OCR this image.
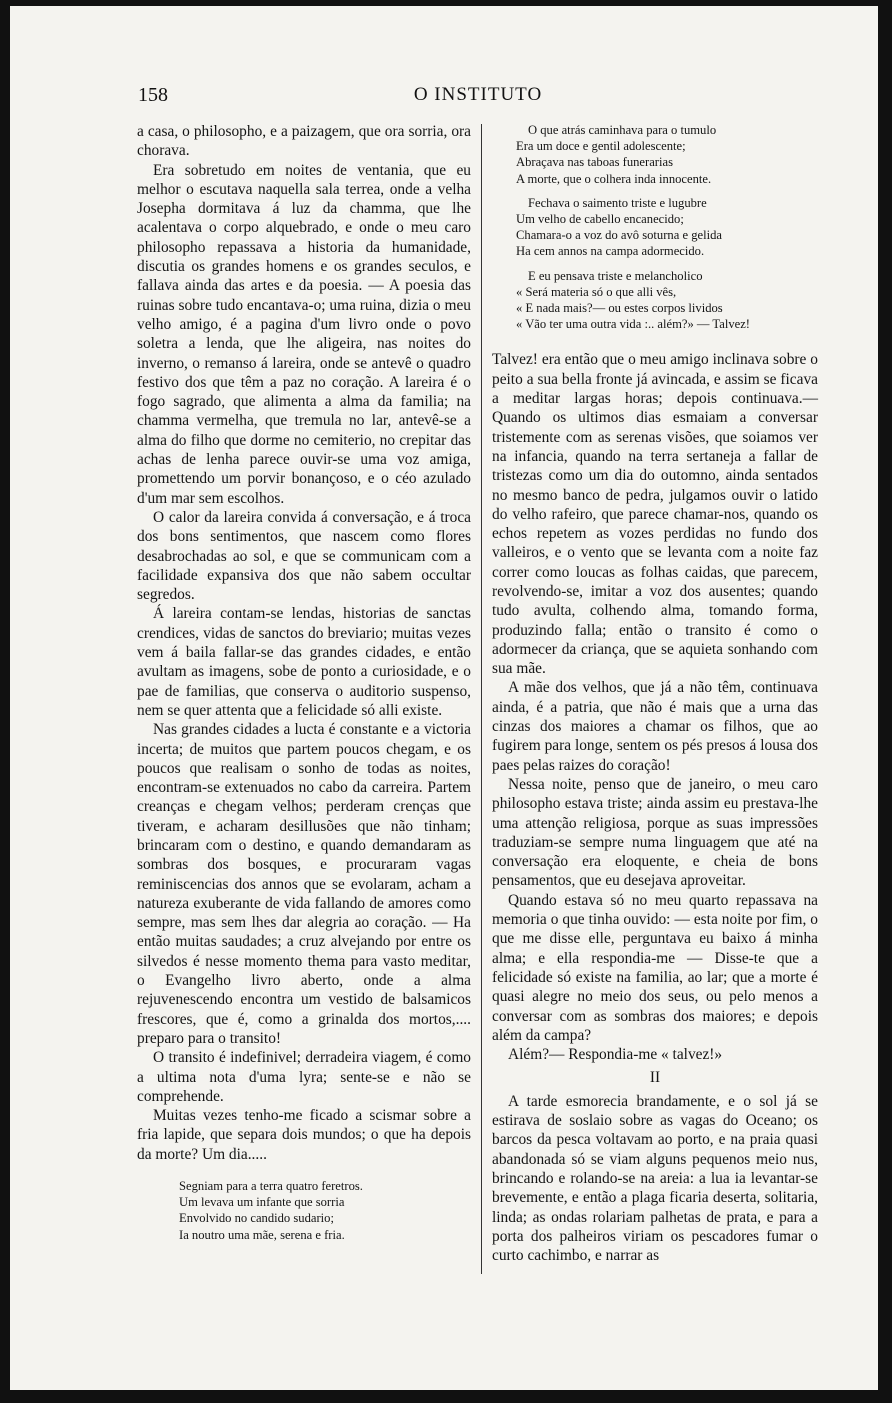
158	O INSTITUTO

a casa, o philosopho, e a paizagem, que ora sorria, ora chorava.

Era sobretudo em noites de ventania, que eu melhor o escutava naquella sala terrea, onde a velha Josepha dormitava á luz da chamma, que lhe acalentava o corpo alquebrado, e onde o meu caro philosopho repassava a historia da humanidade, discutia os grandes homens e os grandes seculos, e fallava ainda das artes e da poesia. — A poesia das ruinas sobre tudo encantava-o; uma ruina, dizia o meu velho amigo, é a pagina d'um livro onde o povo soletra a lenda, que lhe aligeira, nas noites do inverno, o remanso á lareira, onde se antevê o quadro festivo dos que têm a paz no coração. A lareira é o fogo sagrado, que alimenta a alma da familia; na chamma vermelha, que tremula no lar, antevê-se a alma do filho que dorme no cemiterio, no crepitar das achas de lenha parece ouvir-se uma voz amiga, promettendo um porvir bonançoso, e o céo azulado d'um mar sem escolhos.

O calor da lareira convida á conversação, e á troca dos bons sentimentos, que nascem como flores desabrochadas ao sol, e que se communicam com a facilidade expansiva dos que não sabem occultar segredos.

Á lareira contam-se lendas, historias de sanctas crendices, vidas de sanctos do breviario; muitas vezes vem á baila fallar-se das grandes cidades, e então avultam as imagens, sobe de ponto a curiosidade, e o pae de familias, que conserva o auditorio suspenso, nem se quer attenta que a felicidade só alli existe.

Nas grandes cidades a lucta é constante e a victoria incerta; de muitos que partem poucos chegam, e os poucos que realisam o sonho de todas as noites, encontram-se extenuados no cabo da carreira. Partem creanças e chegam velhos; perderam crenças que tiveram, e acharam desillusões que não tinham; brincaram com o destino, e quando demandaram as sombras dos bosques, e procuraram vagas reminiscencias dos annos que se evolaram, acham a natureza exuberante de vida fallando de amores como sempre, mas sem lhes dar alegria ao coração. — Ha então muitas saudades; a cruz alvejando por entre os silvedos é nesse momento thema para vasto meditar, o Evangelho livro aberto, onde a alma rejuvenescendo encontra um vestido de balsamicos frescores, que é, como a grinalda dos mortos,.... preparo para o transito!

O transito é indefinivel; derradeira viagem, é como a ultima nota d'uma lyra; sente-se e não se comprehende.

Muitas vezes tenho-me ficado a scismar sobre a fria lapide, que separa dois mundos; o que ha depois da morte? Um dia.....

Segniam para a terra quatro feretros.
Um levava um infante que sorria
Envolvido no candido sudario;
Ia noutro uma mãe, serena e fria.
O que atrás caminhava para o tumulo
Era um doce e gentil adolescente;
Abraçava nas taboas funerarias
A morte, que o colhera inda innocente.
Fechava o saimento triste e lugubre
Um velho de cabello encanecido;
Chamara-o a voz do avô soturna e gelida
Ha cem annos na campa adormecido.
E eu pensava triste e melancholico
« Será materia só o que alli vês,
« E nada mais?— ou estes corpos lividos
« Vão ter uma outra vida :.. além?» — Talvez!

Talvez! era então que o meu amigo inclinava sobre o peito a sua bella fronte já avincada, e assim se ficava a meditar largas horas; depois continuava.— Quando os ultimos dias esmaiam a conversar tristemente com as serenas visões, que soiamos ver na infancia, quando na terra sertaneja a fallar de tristezas como um dia do outomno, ainda sentados no mesmo banco de pedra, julgamos ouvir o latido do velho rafeiro, que parece chamar-nos, quando os echos repetem as vozes perdidas no fundo dos valleiros, e o vento que se levanta com a noite faz correr como loucas as folhas caidas, que parecem, revolvendo-se, imitar a voz dos ausentes; quando tudo avulta, colhendo alma, tomando forma, produzindo falla; então o transito é como o adormecer da criança, que se aquieta sonhando com sua mãe.

A mãe dos velhos, que já a não têm, continuava ainda, é a patria, que não é mais que a urna das cinzas dos maiores a chamar os filhos, que ao fugirem para longe, sentem os pés presos á lousa dos paes pelas raizes do coração!

Nessa noite, penso que de janeiro, o meu caro philosopho estava triste; ainda assim eu prestava-lhe uma attenção religiosa, porque as suas impressões traduziam-se sempre numa linguagem que até na conversação era eloquente, e cheia de bons pensamentos, que eu desejava aproveitar.

Quando estava só no meu quarto repassava na memoria o que tinha ouvido: — esta noite por fim, o que me disse elle, perguntava eu baixo á minha alma; e ella respondia-me — Disse-te que a felicidade só existe na familia, ao lar; que a morte é quasi alegre no meio dos seus, ou pelo menos a conversar com as sombras dos maiores; e depois além da campa?

Além?— Respondia-me « talvez!»

II

A tarde esmorecia brandamente, e o sol já se estirava de soslaio sobre as vagas do Oceano; os barcos da pesca voltavam ao porto, e na praia quasi abandonada só se viam alguns pequenos meio nus, brincando e rolando-se na areia: a lua ia levantar-se brevemente, e então a plaga ficaria deserta, solitaria, linda; as ondas rolariam palhetas de prata, e para a porta dos palheiros viriam os pescadores fumar o curto cachimbo, e narrar as
